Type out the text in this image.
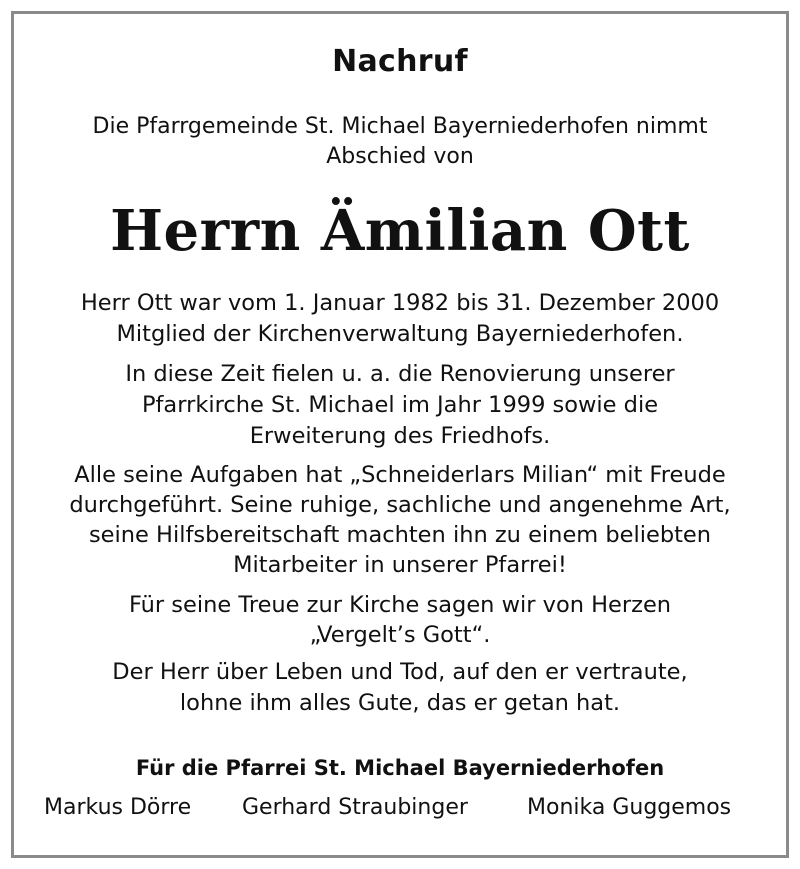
Nachruf
Die Pfarrgemeinde St. Michael Bayerniederhofen nimmt
Abschied von
Herrn Ämilian Ott
Herr Ott war vom 1. Januar 1982 bis 31. Dezember 2000
Mitglied der Kirchenverwaltung Bayerniederhofen.
In diese Zeit fielen u. a. die Renovierung unserer
Pfarrkirche St. Michael im Jahr 1999 sowie die
Erweiterung des Friedhofs.
Alle seine Aufgaben hat „Schneiderlars Milian“ mit Freude
durchgeführt. Seine ruhige, sachliche und angenehme Art,
seine Hilfsbereitschaft machten ihn zu einem beliebten
Mitarbeiter in unserer Pfarrei!
Für seine Treue zur Kirche sagen wir von Herzen
„Vergelt’s Gott“.
Der Herr über Leben und Tod, auf den er vertraute,
lohne ihm alles Gute, das er getan hat.
Für die Pfarrei St. Michael Bayerniederhofen
Markus Dörre Gerhard Straubinger	Monika Guggemos
